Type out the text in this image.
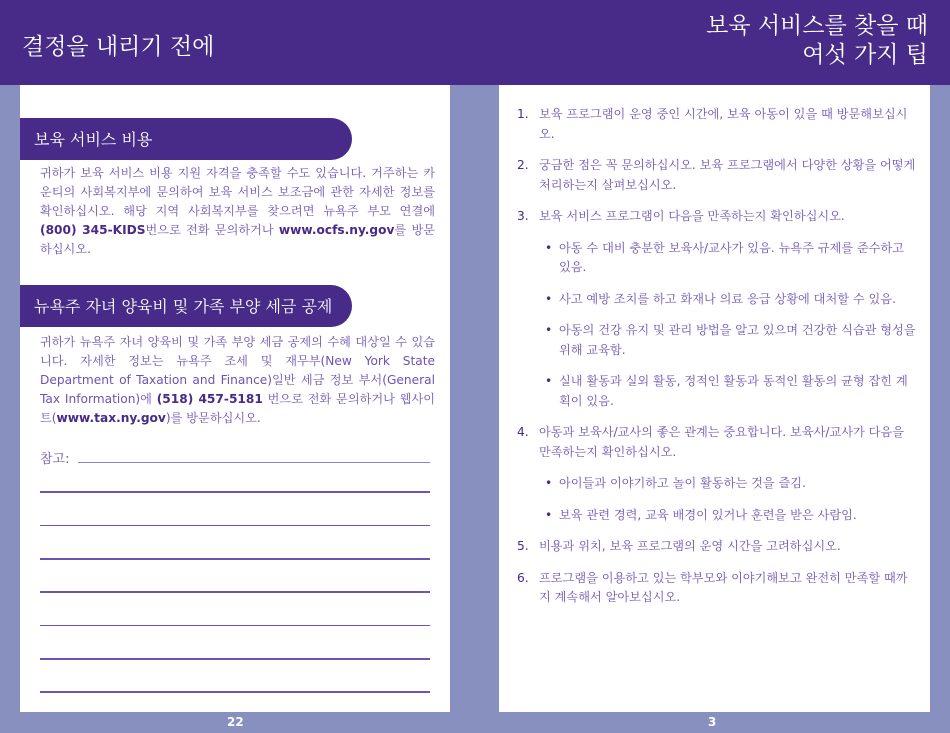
결정을 내리기 전에
보육 서비스를 찾을 때
여섯 가지 팁
보육 서비스 비용

귀하가 보육 서비스 비용 지원 자격을 충족할 수도 있습니다. 거주하는 카운티의 사회복지부에 문의하여 보육 서비스 보조금에 관한 자세한 정보를 확인하십시오. 해당 지역 사회복지부를 찾으려면 뉴욕주 부모 연결에 (800) 345-KIDS번으로 전화 문의하거나 www.ocfs.ny.gov를 방문하십시오.

뉴욕주 자녀 양육비 및 가족 부양 세금 공제

귀하가 뉴욕주 자녀 양육비 및 가족 부양 세금 공제의 수혜 대상일 수 있습니다. 자세한 정보는 뉴욕주 조세 및 재무부(New York State Department of Taxation and Finance)일반 세금 정보 부서(General Tax Information)에 (518) 457-5181 번으로 전화 문의하거나 웹사이트(www.tax.ny.gov)를 방문하십시오.

참고:
1. 보육 프로그램이 운영 중인 시간에, 보육 아동이 있을 때 방문해보십시오.
2. 궁금한 점은 꼭 문의하십시오. 보육 프로그램에서 다양한 상황을 어떻게 처리하는지 살펴보십시오.
3. 보육 서비스 프로그램이 다음을 만족하는지 확인하십시오.
• 아동 수 대비 충분한 보육사/교사가 있음. 뉴욕주 규제를 준수하고 있음.
• 사고 예방 조치를 하고 화재나 의료 응급 상황에 대처할 수 있음.
• 아동의 건강 유지 및 관리 방법을 알고 있으며 건강한 식습관 형성을 위해 교육함.
• 실내 활동과 실외 활동, 정적인 활동과 동적인 활동의 균형 잡힌 계획이 있음.
4. 아동과 보육사/교사의 좋은 관계는 중요합니다. 보육사/교사가 다음을 만족하는지 확인하십시오.
• 아이들과 이야기하고 놀이 활동하는 것을 즐김.
• 보육 관련 경력, 교육 배경이 있거나 훈련을 받은 사람임.
5. 비용과 위치, 보육 프로그램의 운영 시간을 고려하십시오.
6. 프로그램을 이용하고 있는 학부모와 이야기해보고 완전히 만족할 때까지 계속해서 알아보십시오.
22	3
